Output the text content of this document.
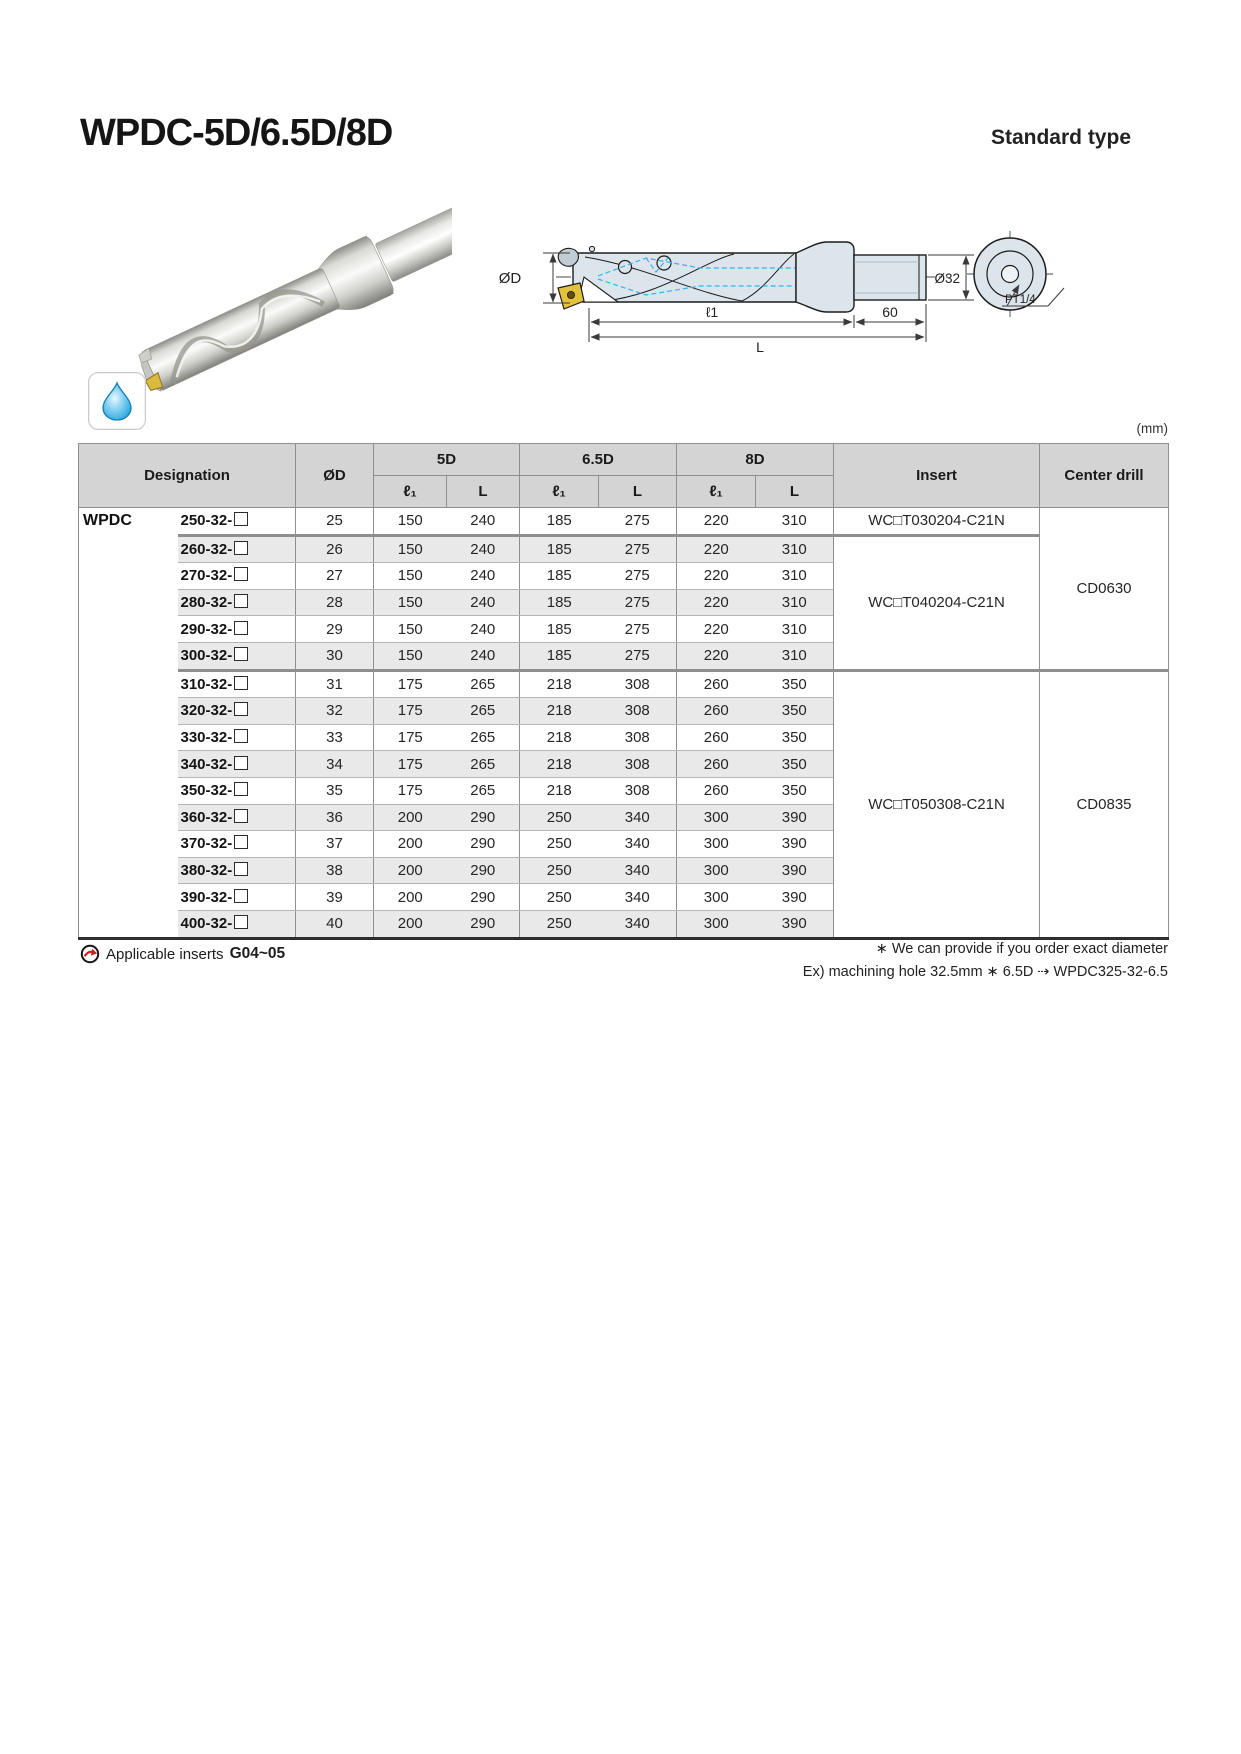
WPDC-5D/6.5D/8D	Standard type

ØD	Ø32
ℓ1	60
L
PT1/4
(mm)
Designation		ØD	5D		6.5D		8D		Insert	Center drill
			ℓ₁	L	ℓ₁	L	ℓ₁	L		
WPDC	250-32-	25	150	240	185	275	220	310	WC□T030204-C21N	CD0630
	260-32-	26	150	240	185	275	220	310	WC□T040204-C21N	
	270-32-	27	150	240	185	275	220	310		
	280-32-	28	150	240	185	275	220	310		
	290-32-	29	150	240	185	275	220	310		
	300-32-	30	150	240	185	275	220	310		
	310-32-	31	175	265	218	308	260	350	WC□T050308-C21N	CD0835
	320-32-	32	175	265	218	308	260	350		
	330-32-	33	175	265	218	308	260	350		
	340-32-	34	175	265	218	308	260	350		
	350-32-	35	175	265	218	308	260	350		
	360-32-	36	200	290	250	340	300	390		
	370-32-	37	200	290	250	340	300	390		
	380-32-	38	200	290	250	340	300	390		
	390-32-	39	200	290	250	340	300	390		
	400-32-	40	200	290	250	340	300	390		
Applicable inserts G04~05	∗ We can provide if you order exact diameter
Ex) machining hole 32.5mm ∗ 6.5D ⇢ WPDC325-32-6.5
